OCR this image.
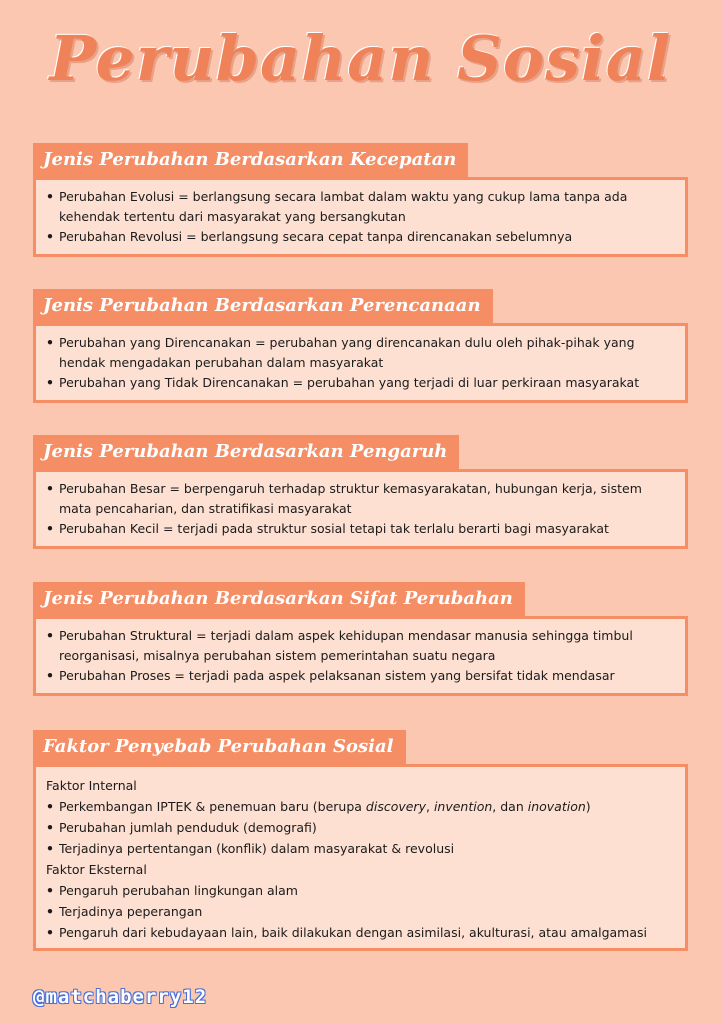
Perubahan Sosial
Jenis Perubahan Berdasarkan Kecepatan
• Perubahan Evolusi = berlangsung secara lambat dalam waktu yang cukup lama tanpa ada kehendak tertentu dari masyarakat yang bersangkutan
• Perubahan Revolusi = berlangsung secara cepat tanpa direncanakan sebelumnya
Jenis Perubahan Berdasarkan Perencanaan
• Perubahan yang Direncanakan = perubahan yang direncanakan dulu oleh pihak-pihak yang hendak mengadakan perubahan dalam masyarakat
• Perubahan yang Tidak Direncanakan = perubahan yang terjadi di luar perkiraan masyarakat
Jenis Perubahan Berdasarkan Pengaruh
• Perubahan Besar = berpengaruh terhadap struktur kemasyarakatan, hubungan kerja, sistem mata pencaharian, dan stratifikasi masyarakat
• Perubahan Kecil = terjadi pada struktur sosial tetapi tak terlalu berarti bagi masyarakat
Jenis Perubahan Berdasarkan Sifat Perubahan
• Perubahan Struktural = terjadi dalam aspek kehidupan mendasar manusia sehingga timbul reorganisasi, misalnya perubahan sistem pemerintahan suatu negara
• Perubahan Proses = terjadi pada aspek pelaksanan sistem yang bersifat tidak mendasar
Faktor Penyebab Perubahan Sosial
Faktor Internal
• Perkembangan IPTEK & penemuan baru (berupa discovery, invention, dan inovation)
• Perubahan jumlah penduduk (demografi)
• Terjadinya pertentangan (konflik) dalam masyarakat & revolusi
Faktor Eksternal
• Pengaruh perubahan lingkungan alam
• Terjadinya peperangan
• Pengaruh dari kebudayaan lain, baik dilakukan dengan asimilasi, akulturasi, atau amalgamasi
@matchaberry12
